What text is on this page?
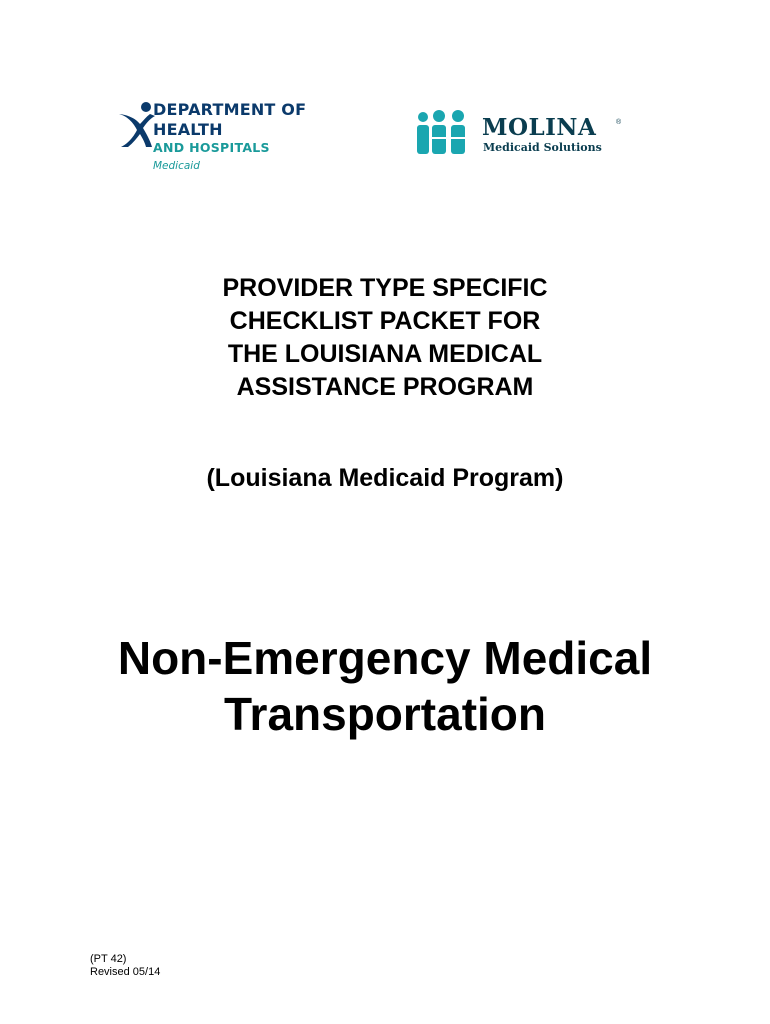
DEPARTMENT OF
HEALTH
AND HOSPITALS
Medicaid
MOLINA	®
Medicaid Solutions
PROVIDER TYPE SPECIFIC
CHECKLIST PACKET FOR
THE LOUISIANA MEDICAL
ASSISTANCE PROGRAM
(Louisiana Medicaid Program)
Non-Emergency Medical
Transportation
(PT 42)
Revised 05/14
